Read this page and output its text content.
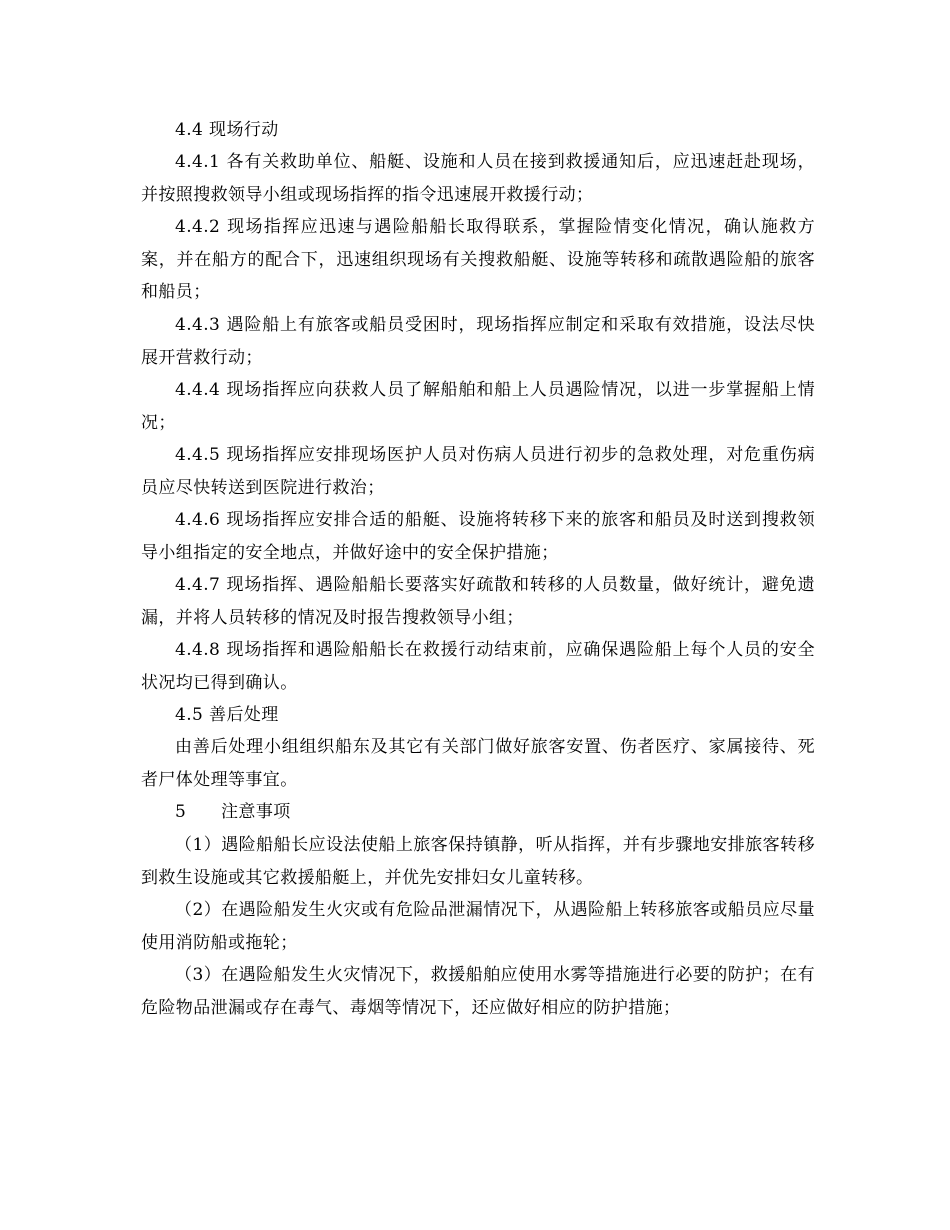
4.4 现场行动

4.4.1 各有关救助单位、船艇、设施和人员在接到救援通知后，应迅速赶赴现场，并按照搜救领导小组或现场指挥的指令迅速展开救援行动；

4.4.2 现场指挥应迅速与遇险船船长取得联系，掌握险情变化情况，确认施救方案，并在船方的配合下，迅速组织现场有关搜救船艇、设施等转移和疏散遇险船的旅客和船员；

4.4.3 遇险船上有旅客或船员受困时，现场指挥应制定和采取有效措施，设法尽快展开营救行动；

4.4.4 现场指挥应向获救人员了解船舶和船上人员遇险情况，以进一步掌握船上情况；

4.4.5 现场指挥应安排现场医护人员对伤病人员进行初步的急救处理，对危重伤病员应尽快转送到医院进行救治；

4.4.6 现场指挥应安排合适的船艇、设施将转移下来的旅客和船员及时送到搜救领导小组指定的安全地点，并做好途中的安全保护措施；

4.4.7 现场指挥、遇险船船长要落实好疏散和转移的人员数量，做好统计，避免遗漏，并将人员转移的情况及时报告搜救领导小组；

4.4.8 现场指挥和遇险船船长在救援行动结束前，应确保遇险船上每个人员的安全状况均已得到确认。

4.5 善后处理

由善后处理小组组织船东及其它有关部门做好旅客安置、伤者医疗、家属接待、死者尸体处理等事宜。

5　　注意事项

（1）遇险船船长应设法使船上旅客保持镇静，听从指挥，并有步骤地安排旅客转移到救生设施或其它救援船艇上，并优先安排妇女儿童转移。

（2）在遇险船发生火灾或有危险品泄漏情况下，从遇险船上转移旅客或船员应尽量使用消防船或拖轮；

（3）在遇险船发生火灾情况下，救援船舶应使用水雾等措施进行必要的防护；在有危险物品泄漏或存在毒气、毒烟等情况下，还应做好相应的防护措施；
